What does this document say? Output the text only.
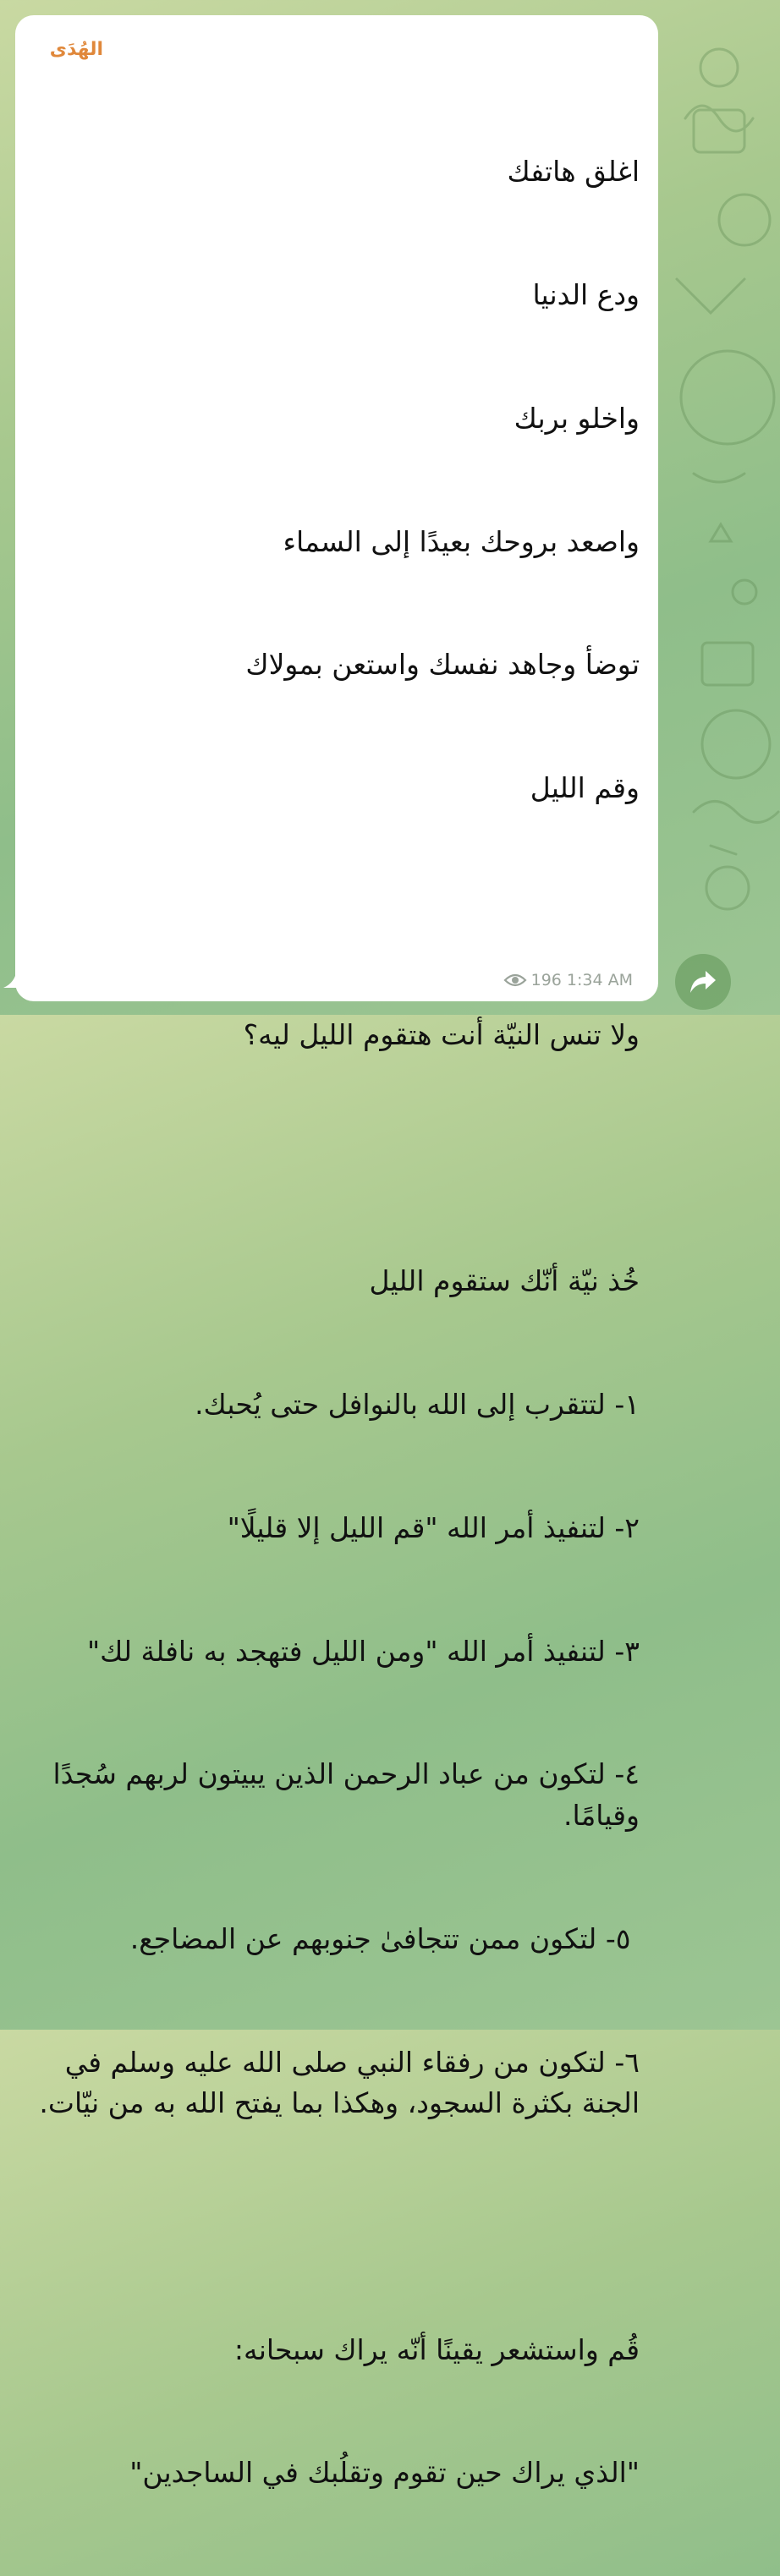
الهُدَى

اغلق هاتفك

ودع الدنيا

واخلو بربك

واصعد بروحك بعيدًا إلى السماء

توضأ وجاهد نفسك واستعن بمولاك

وقم الليل

ولا تنس النيّة أنت هتقوم الليل ليه؟

خُذ نيّة أنّك ستقوم الليل

١- لتتقرب إلى الله بالنوافل حتى يُحبك.

٢- لتنفيذ أمر الله "قم الليل إلا قليلًا"

٣- لتنفيذ أمر الله "ومن الليل فتهجد به نافلة لك"

٤- لتكون من عباد الرحمن الذين يبيتون لربهم سُجدًا وقيامًا.

٥- لتكون ممن تتجافىٰ جنوبهم عن المضاجع.

٦- لتكون من رفقاء النبي صلى الله عليه وسلم في الجنة بكثرة السجود، وهكذا بما يفتح الله به من نيّات.

قُم واستشعر يقينًا أنّه يراك سبحانه:

"الذي يراك حين تقوم وتقلُبك في الساجدين"

196 1:34 AM
